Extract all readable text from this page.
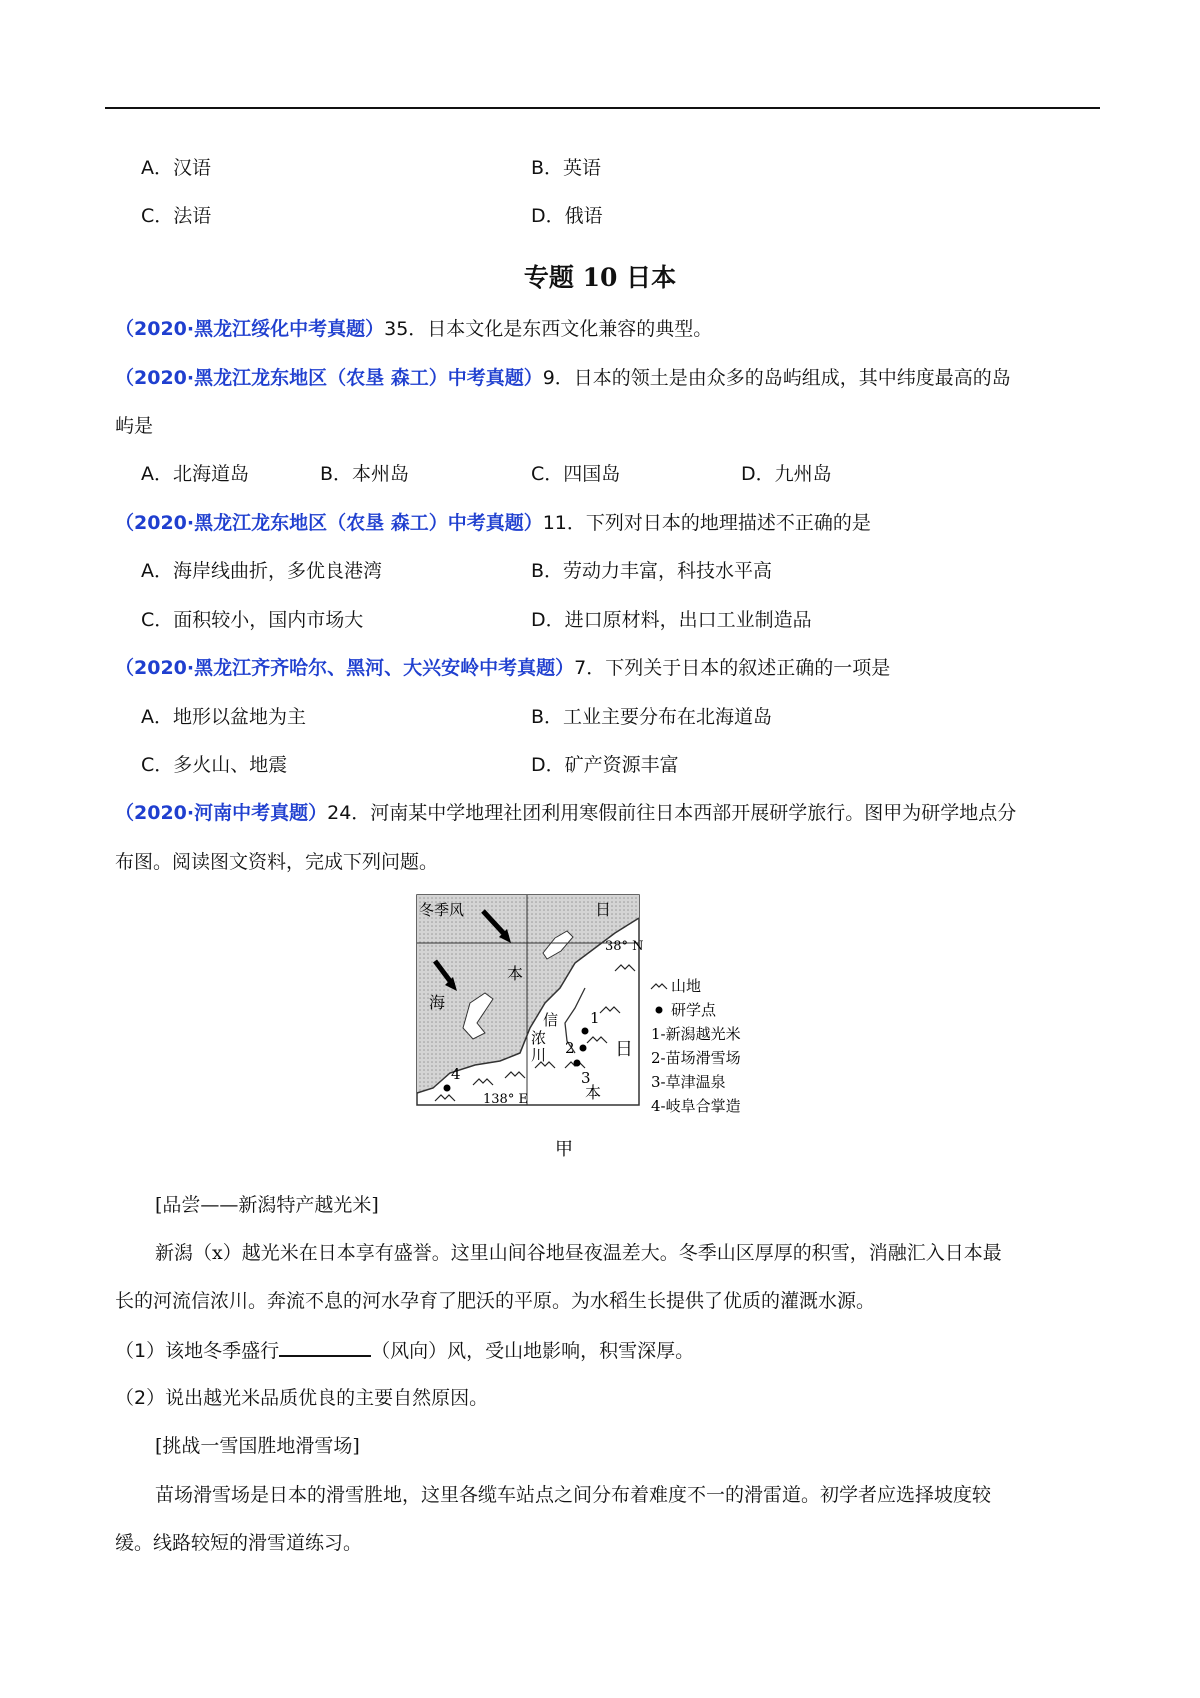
A．汉语	B．英语
C．法语	D．俄语
专题 10 日本
（2020·黑龙江绥化中考真题）35．日本文化是东西文化兼容的典型。
（2020·黑龙江龙东地区（农垦 森工）中考真题）9．日本的领土是由众多的岛屿组成，其中纬度最高的岛
屿是
A．北海道岛	B．本州岛	C．四国岛	D．九州岛
（2020·黑龙江龙东地区（农垦 森工）中考真题）11．下列对日本的地理描述不正确的是
A．海岸线曲折，多优良港湾	B．劳动力丰富，科技水平高
C．面积较小，国内市场大	D．进口原材料，出口工业制造品
（2020·黑龙江齐齐哈尔、黑河、大兴安岭中考真题）7．下列关于日本的叙述正确的一项是
A．地形以盆地为主	B．工业主要分布在北海道岛
C．多火山、地震	D．矿产资源丰富
（2020·河南中考真题）24．河南某中学地理社团利用寒假前往日本西部开展研学旅行。图甲为研学地点分
布图。阅读图文资料，完成下列问题。
冬季风
海
日
本
38° N
138° E
日
本
信
浓
川
1
2
3
4
山地
研学点
1-新潟越光米
2-苗场滑雪场
3-草津温泉
4-岐阜合掌造
甲
[品尝——新潟特产越光米]
新潟（x）越光米在日本享有盛誉。这里山间谷地昼夜温差大。冬季山区厚厚的积雪，消融汇入日本最
长的河流信浓川。奔流不息的河水孕育了肥沃的平原。为水稻生长提供了优质的灌溉水源。
（1）该地冬季盛行	（风向）风，受山地影响，积雪深厚。
（2）说出越光米品质优良的主要自然原因。
[挑战一雪国胜地滑雪场]
苗场滑雪场是日本的滑雪胜地，这里各缆车站点之间分布着难度不一的滑雷道。初学者应选择坡度较
缓。线路较短的滑雪道练习。
